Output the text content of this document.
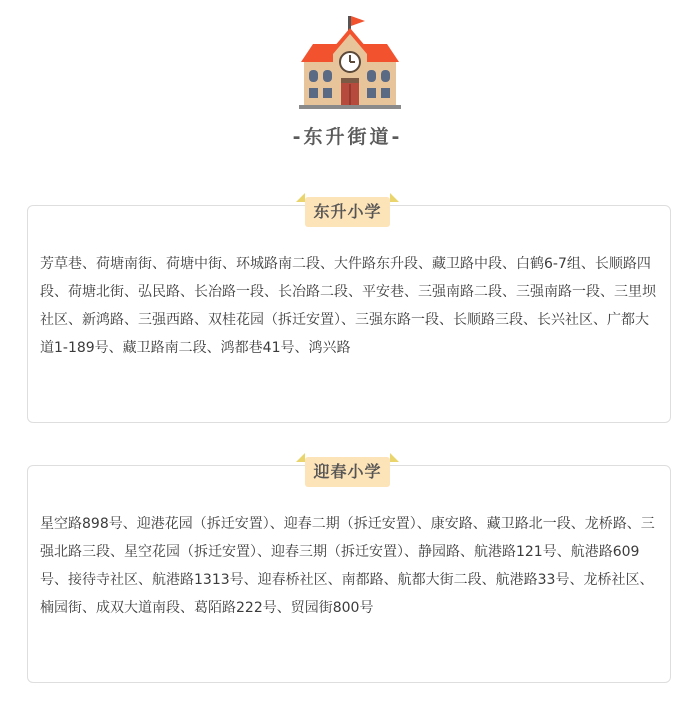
-东升街道-
芳草巷、荷塘南街、荷塘中街、环城路南二段、大件路东升段、藏卫路中段、白鹤6-7组、长顺路四段、荷塘北街、弘民路、长冶路一段、长冶路二段、平安巷、三强南路二段、三强南路一段、三里坝社区、新鸿路、三强西路、双桂花园（拆迁安置）、三强东路一段、长顺路三段、长兴社区、广都大道1-189号、藏卫路南二段、鸿都巷41号、鸿兴路
东升小学
星空路898号、迎港花园（拆迁安置）、迎春二期（拆迁安置）、康安路、藏卫路北一段、龙桥路、三强北路三段、星空花园（拆迁安置）、迎春三期（拆迁安置）、静园路、航港路121号、航港路609号、接待寺社区、航港路1313号、迎春桥社区、南都路、航都大街二段、航港路33号、龙桥社区、楠园街、成双大道南段、葛陌路222号、贸园街800号
迎春小学
